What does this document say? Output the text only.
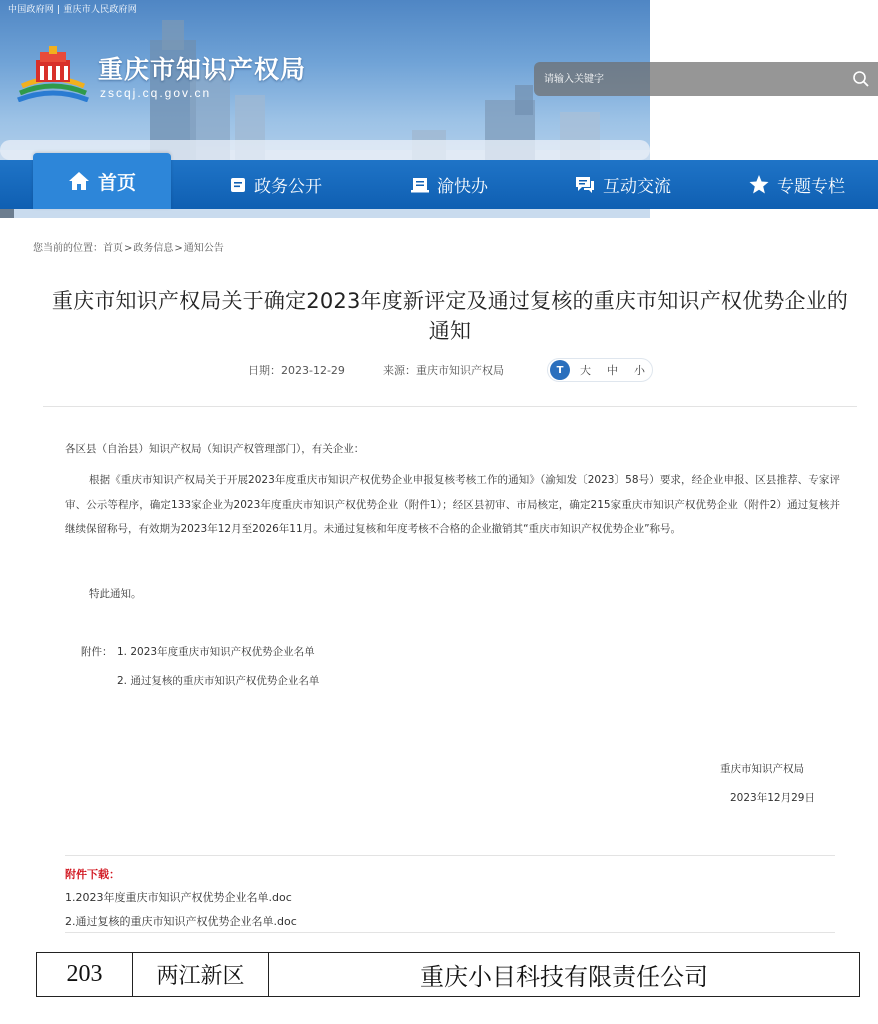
中国政府网 | 重庆市人民政府网
重庆市知识产权局
zscqj.cq.gov.cn
请输入关键字
首页	政务公开	渝快办	互动交流	专题专栏
您当前的位置：首页>政务信息>通知公告
重庆市知识产权局关于确定2023年度新评定及通过复核的重庆市知识产权优势企业的
通知
日期：2023-12-29	来源：重庆市知识产权局	T	大 中 小
各区县（自治县）知识产权局（知识产权管理部门），有关企业：
根据《重庆市知识产权局关于开展2023年度重庆市知识产权优势企业申报复核考核工作的通知》（渝知发〔2023〕58号）要求，经企业申报、区县推荐、专家评审、公示等程序，确定133家企业为2023年度重庆市知识产权优势企业（附件1）；经区县初审、市局核定，确定215家重庆市知识产权优势企业（附件2）通过复核并继续保留称号，有效期为2023年12月至2026年11月。未通过复核和年度考核不合格的企业撤销其“重庆市知识产权优势企业”称号。
特此通知。
附件： 1. 2023年度重庆市知识产权优势企业名单
2. 通过复核的重庆市知识产权优势企业名单
重庆市知识产权局
2023年12月29日
附件下载：
1.2023年度重庆市知识产权优势企业名单.doc
2.通过复核的重庆市知识产权优势企业名单.doc
203	两江新区	重庆小目科技有限责任公司
